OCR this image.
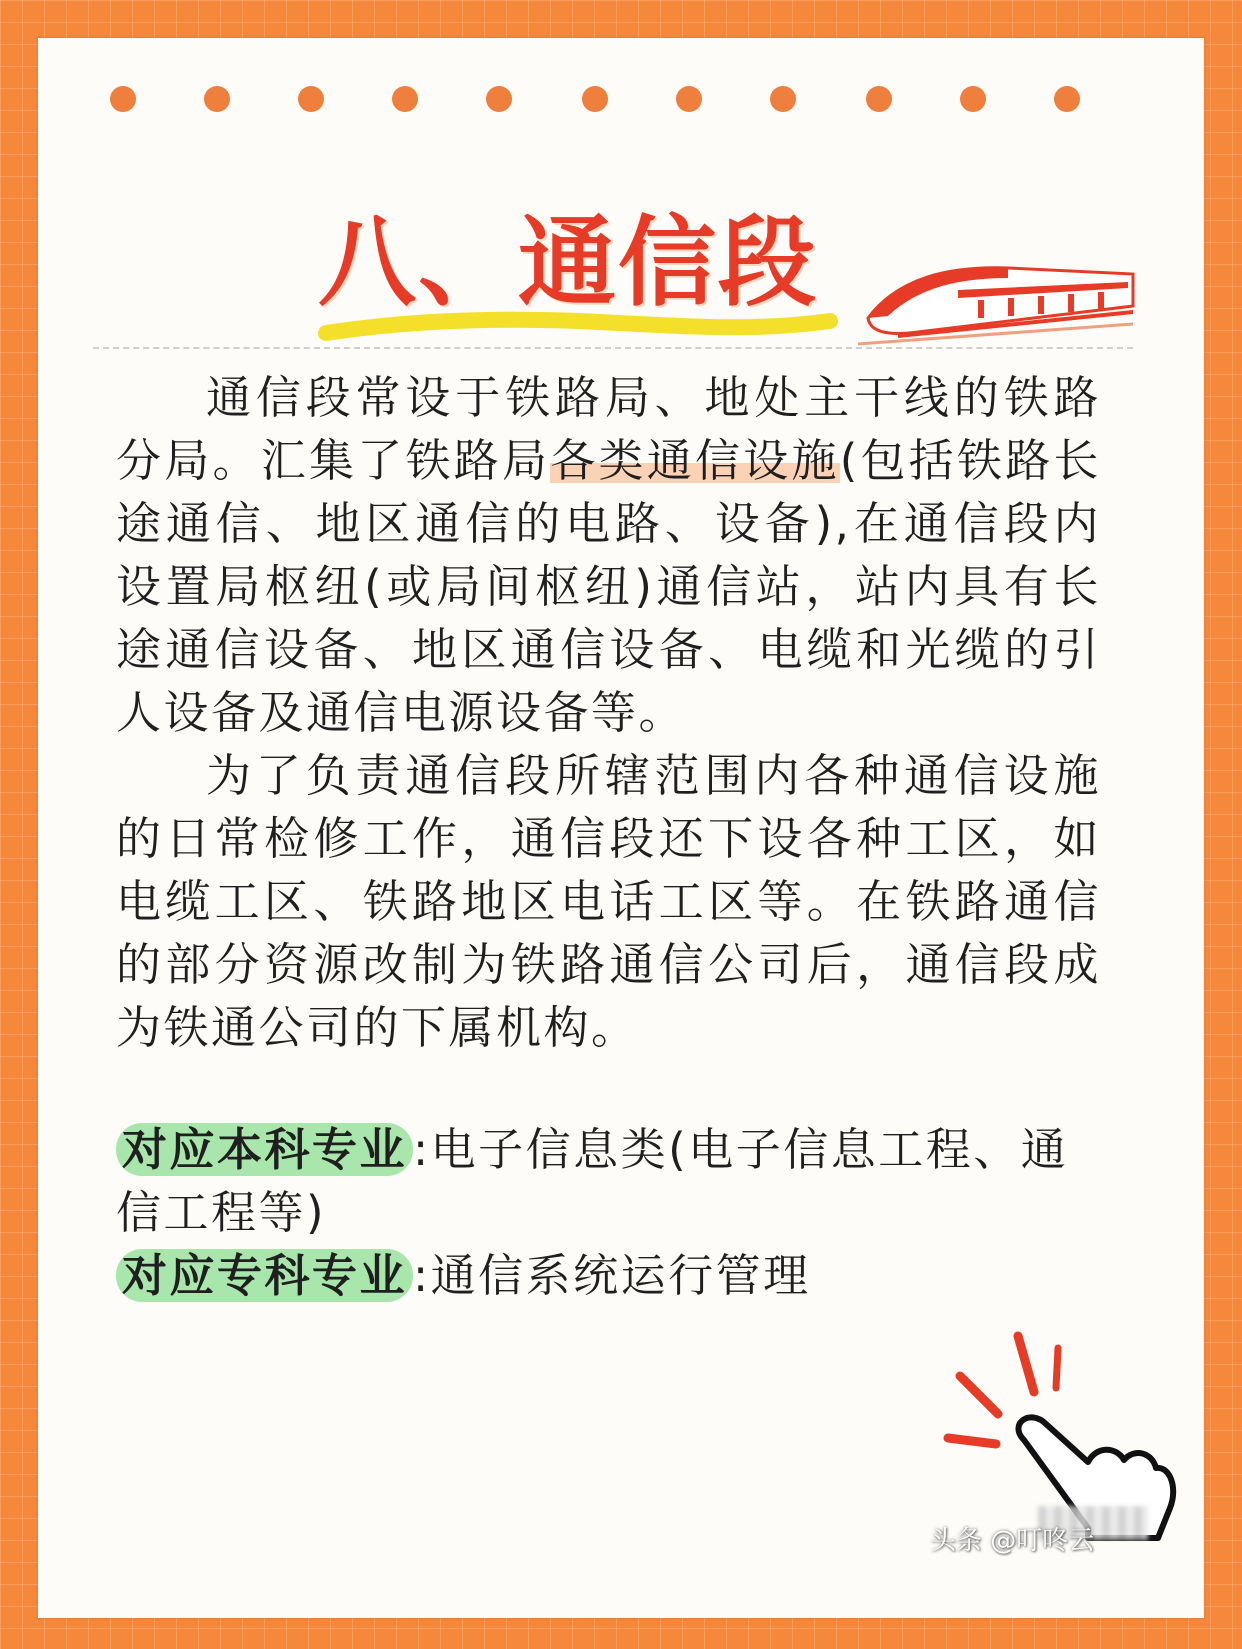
八、通信段

通信段常设于铁路局、地处主干线的铁路分局。汇集了铁路局各类通信设施(包括铁路长途通信、地区通信的电路、设备),在通信段内设置局枢纽(或局间枢纽)通信站，站内具有长途通信设备、地区通信设备、电缆和光缆的引人设备及通信电源设备等。

为了负责通信段所辖范围内各种通信设施的日常检修工作，通信段还下设各种工区，如电缆工区、铁路地区电话工区等。在铁路通信的部分资源改制为铁路通信公司后，通信段成为铁通公司的下属机构。

对应本科专业 :电子信息类(电子信息工程、通信工程等)

对应专科专业 :通信系统运行管理

头条 @叮咚云
